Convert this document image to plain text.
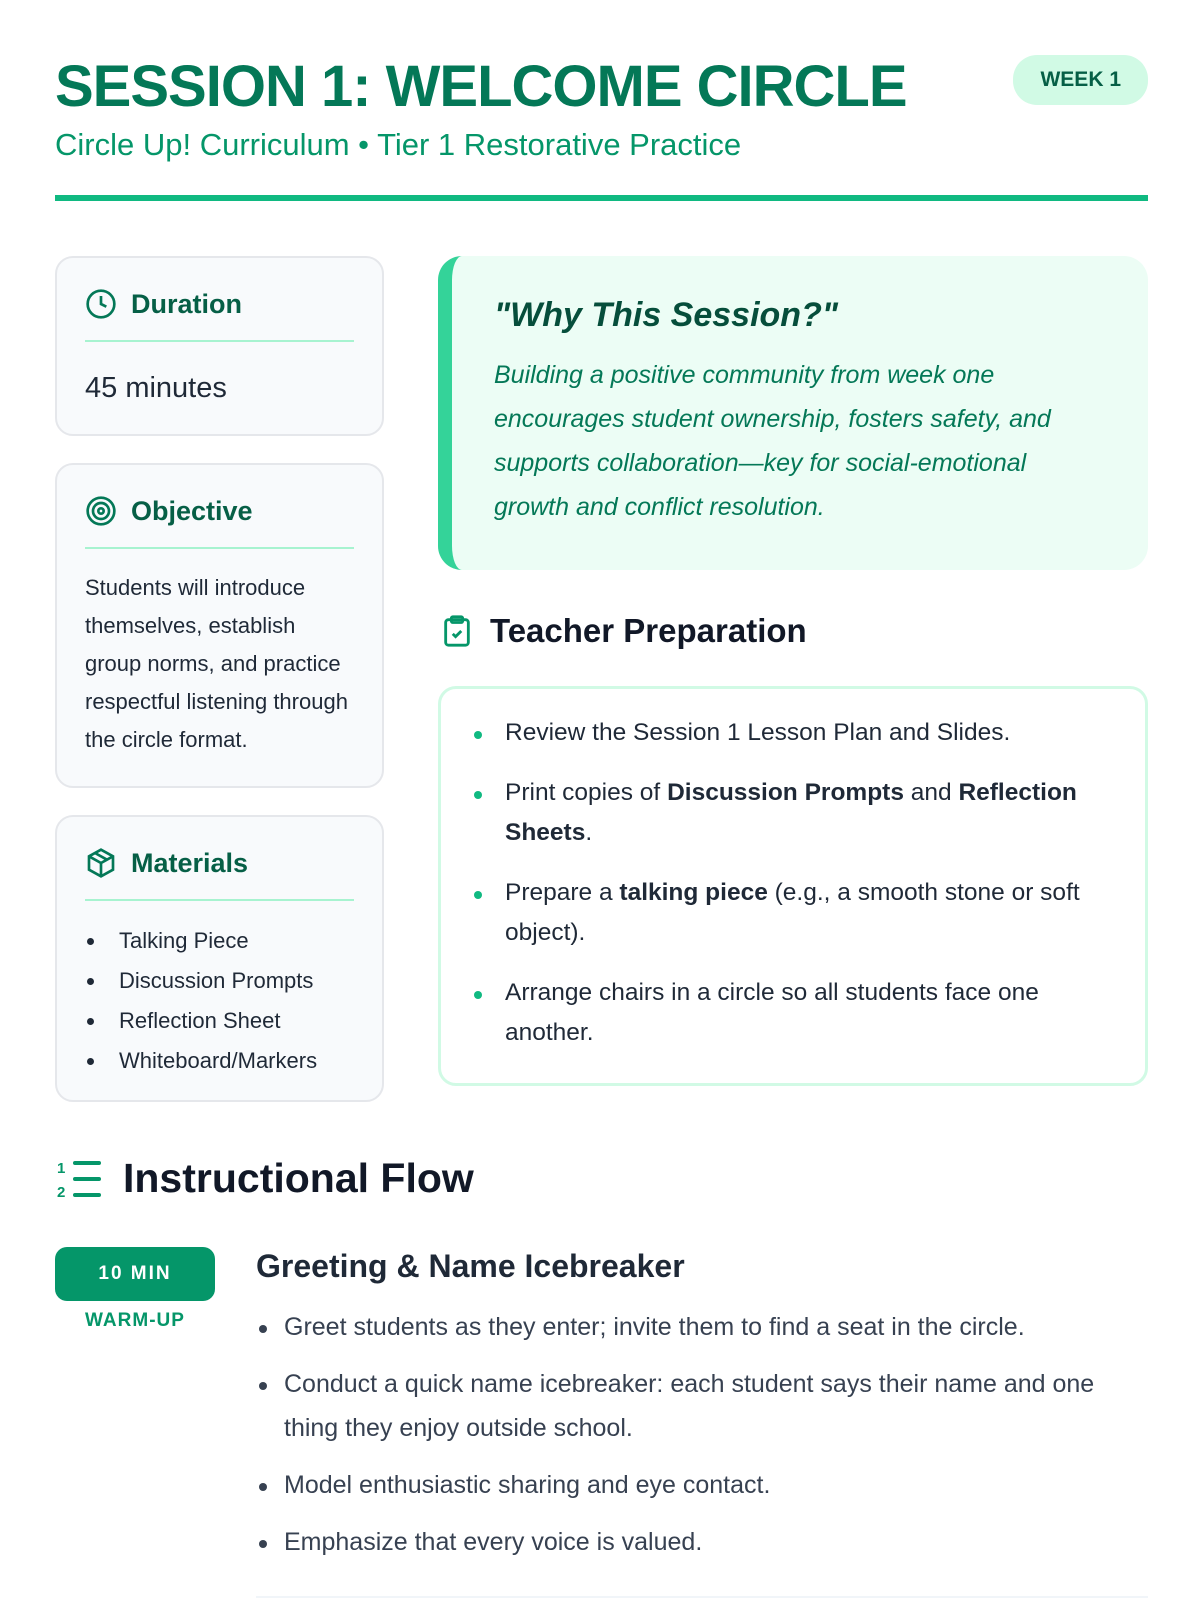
SESSION 1: WELCOME CIRCLE
Circle Up! Curriculum • Tier 1 Restorative Practice
WEEK 1
Duration
45 minutes
Objective
Students will introduce themselves, establish group norms, and practice respectful listening through the circle format.
Materials
Talking Piece
Discussion Prompts
Reflection Sheet
Whiteboard/Markers
"Why This Session?"

Building a positive community from week one encourages student ownership, fosters safety, and supports collaboration—key for social-emotional growth and conflict resolution.

Teacher Preparation
Review the Session 1 Lesson Plan and Slides.
Print copies of Discussion Prompts and Reflection Sheets.
Prepare a talking piece (e.g., a smooth stone or soft object).
Arrange chairs in a circle so all students face one another.
1
2 Instructional Flow
10 MIN
WARM-UP
Greeting & Name Icebreaker
Greet students as they enter; invite them to find a seat in the circle.
Conduct a quick name icebreaker: each student says their name and one thing they enjoy outside school.
Model enthusiastic sharing and eye contact.
Emphasize that every voice is valued.
